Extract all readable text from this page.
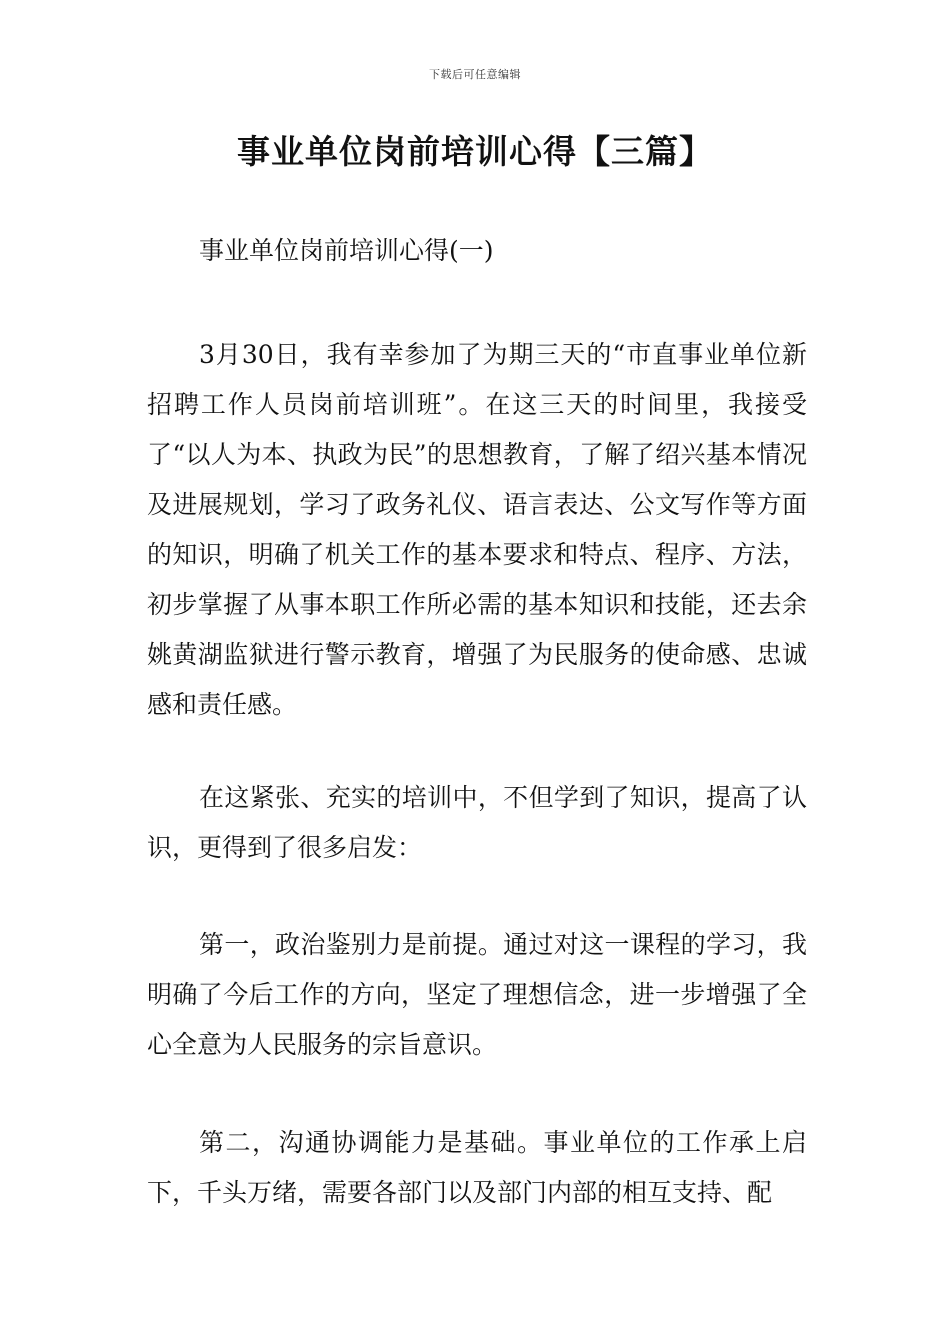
下载后可任意编辑
事业单位岗前培训心得【三篇】

事业单位岗前培训心得(一)

3月30日，我有幸参加了为期三天的“市直事业单位新招聘工作人员岗前培训班”。在这三天的时间里，我接受了“以人为本、执政为民”的思想教育，了解了绍兴基本情况及进展规划，学习了政务礼仪、语言表达、公文写作等方面的知识，明确了机关工作的基本要求和特点、程序、方法，初步掌握了从事本职工作所必需的基本知识和技能，还去余姚黄湖监狱进行警示教育，增强了为民服务的使命感、忠诚感和责任感。

在这紧张、充实的培训中，不但学到了知识，提高了认识，更得到了很多启发：

第一，政治鉴别力是前提。通过对这一课程的学习，我明确了今后工作的方向，坚定了理想信念，进一步增强了全心全意为人民服务的宗旨意识。

第二，沟通协调能力是基础。事业单位的工作承上启下，千头万绪，需要各部门以及部门内部的相互支持、配
